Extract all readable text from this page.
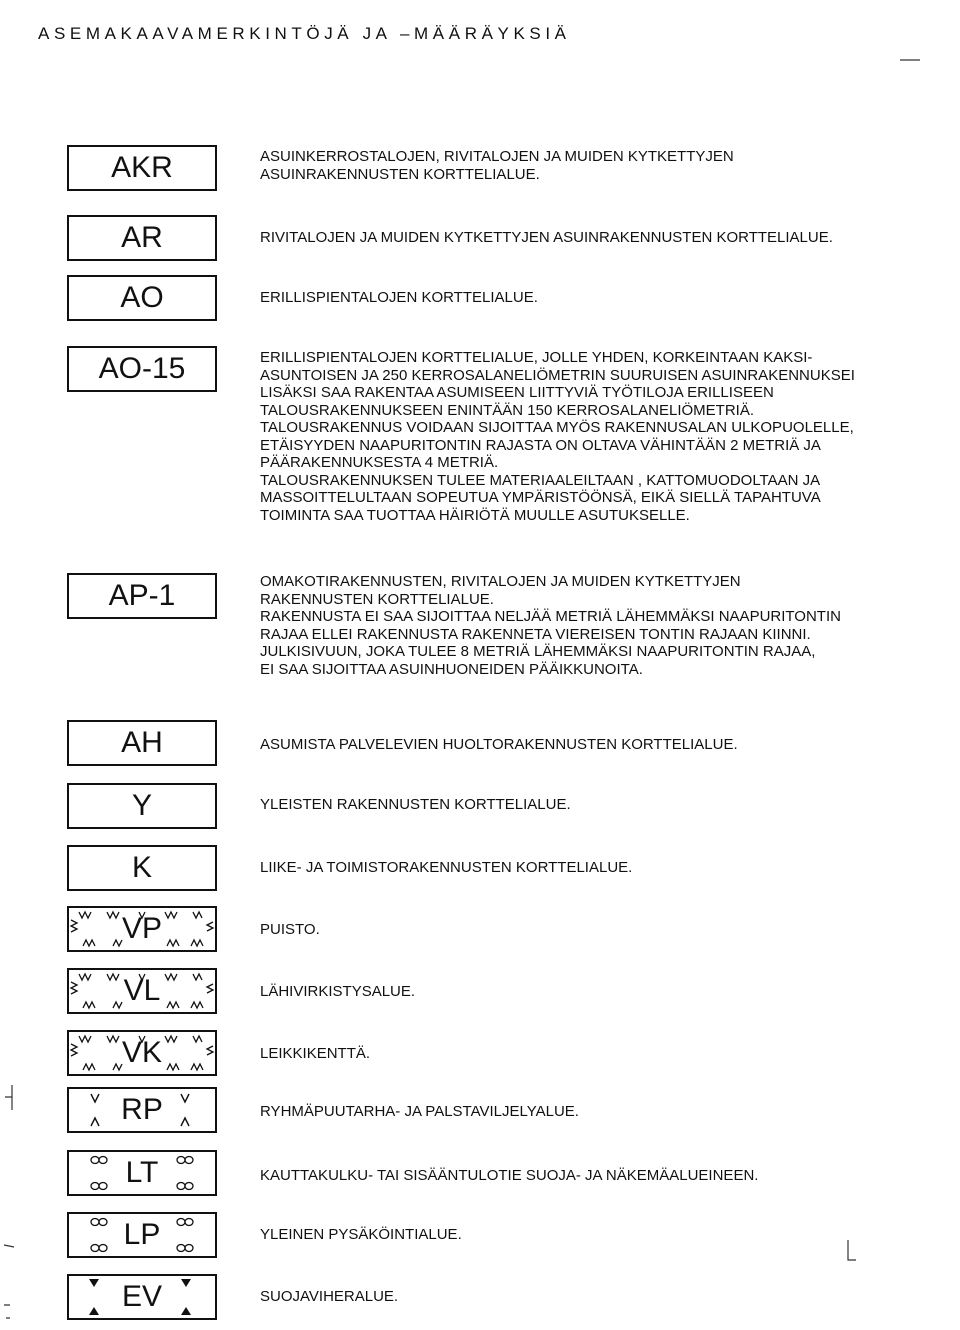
ASEMAKAAVAMERKINTÖJÄ JA –MÄÄRÄYKSIÄ
AKR	ASUINKERROSTALOJEN, RIVITALOJEN JA MUIDEN KYTKETTYJEN
ASUINRAKENNUSTEN KORTTELIALUE.
AR	RIVITALOJEN JA MUIDEN KYTKETTYJEN ASUINRAKENNUSTEN KORTTELIALUE.
AO	ERILLISPIENTALOJEN KORTTELIALUE.
AO-15	ERILLISPIENTALOJEN KORTTELIALUE, JOLLE YHDEN, KORKEINTAAN KAKSI-
ASUNTOISEN JA 250 KERROSALANELIÖMETRIN SUURUISEN ASUINRAKENNUKSEI
LISÄKSI SAA RAKENTAA ASUMISEEN LIITTYVIÄ TYÖTILOJA ERILLISEEN
TALOUSRAKENNUKSEEN ENINTÄÄN 150 KERROSALANELIÖMETRIÄ.
TALOUSRAKENNUS VOIDAAN SIJOITTAA MYÖS RAKENNUSALAN ULKOPUOLELLE,
ETÄISYYDEN NAAPURITONTIN RAJASTA ON OLTAVA VÄHINTÄÄN 2 METRIÄ JA
PÄÄRAKENNUKSESTA 4 METRIÄ.
TALOUSRAKENNUKSEN TULEE MATERIAALEILTAAN , KATTOMUODOLTAAN JA
MASSOITTELULTAAN SOPEUTUA YMPÄRISTÖÖNSÄ, EIKÄ SIELLÄ TAPAHTUVA
TOIMINTA SAA TUOTTAA HÄIRIÖTÄ MUULLE ASUTUKSELLE.
AP-1	OMAKOTIRAKENNUSTEN, RIVITALOJEN JA MUIDEN KYTKETTYJEN
RAKENNUSTEN KORTTELIALUE.
RAKENNUSTA EI SAA SIJOITTAA NELJÄÄ METRIÄ LÄHEMMÄKSI NAAPURITONTIN
RAJAA ELLEI RAKENNUSTA RAKENNETA VIEREISEN TONTIN RAJAAN KIINNI.
JULKISIVUUN, JOKA TULEE 8 METRIÄ LÄHEMMÄKSI NAAPURITONTIN RAJAA,
EI SAA SIJOITTAA ASUINHUONEIDEN PÄÄIKKUNOITA.
AH	ASUMISTA PALVELEVIEN HUOLTORAKENNUSTEN KORTTELIALUE.
Y	YLEISTEN RAKENNUSTEN KORTTELIALUE.
K	LIIKE- JA TOIMISTORAKENNUSTEN KORTTELIALUE.
VP	PUISTO.
VL	LÄHIVIRKISTYSALUE.
VK	LEIKKIKENTTÄ.
RP	RYHMÄPUUTARHA- JA PALSTAVILJELYALUE.
LT	KAUTTAKULKU- TAI SISÄÄNTULOTIE SUOJA- JA NÄKEMÄALUEINEEN.
LP	YLEINEN PYSÄKÖINTIALUE.
EV	SUOJAVIHERALUE.
